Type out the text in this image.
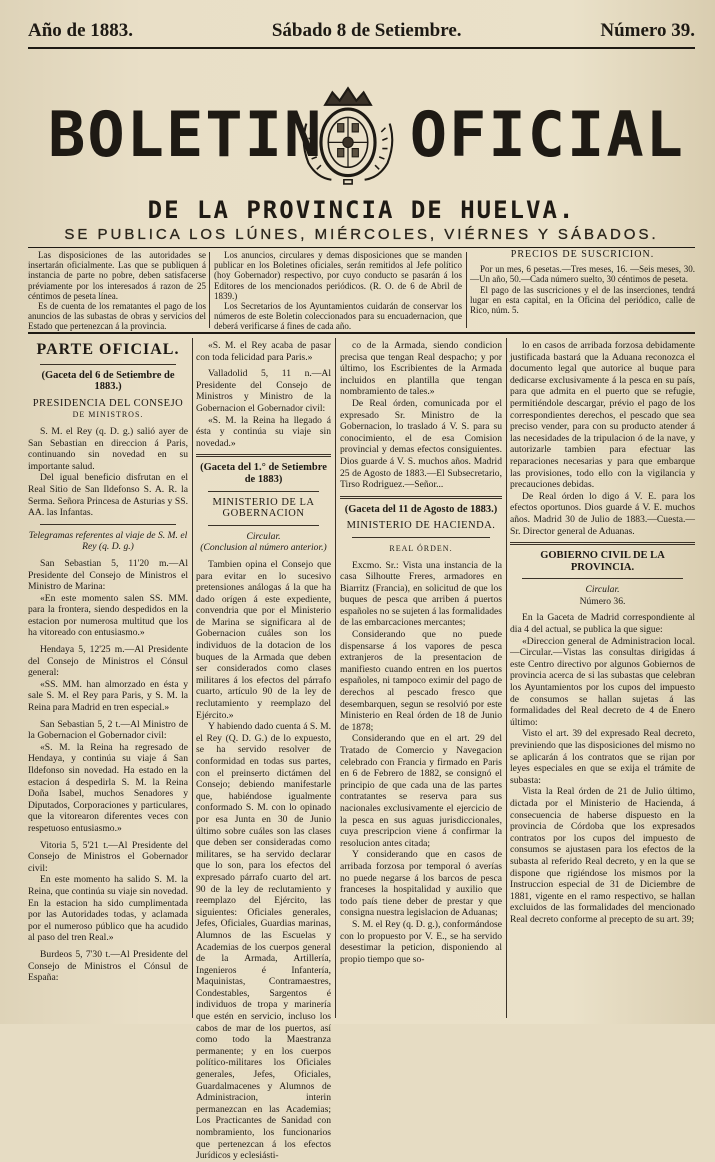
Año de 1883.	Sábado 8 de Setiembre.	Número 39.
BOLETIN OFICIAL
DE LA PROVINCIA DE HUELVA.
SE PUBLICA LOS LÚNES, MIÉRCOLES, VIÉRNES Y SÁBADOS.

Las disposiciones de las autoridades se insertarán oficialmente. Las que se publiquen á instancia de parte no pobre, deben satisfacerse préviamente por los interesados á razon de 25 céntimos de peseta línea.

Es de cuenta de los rematantes el pago de los anuncios de las subastas de obras y servicios del Estado que pertenezcan á la provincia.

Los anuncios, circulares y demas disposiciones que se manden publicar en los Boletines oficiales, serán remitidos al Jefe político (hoy Gobernador) respectivo, por cuyo conducto se pasarán á los Editores de los mencionados periódicos. (R. O. de 6 de Abril de 1839.)

Los Secretarios de los Ayuntamientos cuidarán de conservar los números de este Boletin coleccionados para su encuadernacion, que deberá verificarse á fines de cada año.

PRECIOS DE SUSCRICION.

Por un mes, 6 pesetas.—Tres meses, 16. —Seis meses, 30.—Un año, 50.—Cada número suelto, 30 céntimos de peseta.

El pago de las suscriciones y el de las inserciones, tendrá lugar en esta capital, en la Oficina del periódico, calle de Rico, núm. 5.

PARTE OFICIAL.

(Gaceta del 6 de Setiembre de 1883.)

PRESIDENCIA DEL CONSEJO

DE MINISTROS.

S. M. el Rey (q. D. g.) salió ayer de San Sebastian en direccion á Paris, continuando sin novedad en su importante salud.

Del igual beneficio disfrutan en el Real Sitio de San Ildefonso S. A. R. la Serma. Señora Princesa de Asturias y SS. AA. las Infantas.

Telegramas referentes al viaje de S. M. el Rey (q. D. g.)

San Sebastian 5, 11'20 m.—Al Presidente del Consejo de Ministros el Ministro de Marina:

«En este momento salen SS. MM. para la frontera, siendo despedidos en la estacion por numerosa multitud que los ha vitoreado con entusiasmo.»

Hendaya 5, 12'25 m.—Al Presidente del Consejo de Ministros el Cónsul general:

«SS. MM. han almorzado en ésta y sale S. M. el Rey para Paris, y S. M. la Reina para Madrid en tren especial.»

San Sebastian 5, 2 t.—Al Ministro de la Gobernacion el Gobernador civil:

«S. M. la Reina ha regresado de Hendaya, y continúa su viaje á San Ildefonso sin novedad. Ha estado en la estacion á despedirla S. M. la Reina Doña Isabel, muchos Senadores y Diputados, Corporaciones y particulares, que la vitorearon diferentes veces con respetuoso entusiasmo.»

Vitoria 5, 5'21 t.—Al Presidente del Consejo de Ministros el Gobernador civil:

En este momento ha salido S. M. la Reina, que continúa su viaje sin novedad. En la estacion ha sido cumplimentada por las Autoridades todas, y aclamada por el numeroso público que ha acudido al paso del tren Real.»

Burdeos 5, 7'30 t.—Al Presidente del Consejo de Ministros el Cónsul de España:

«S. M. el Rey acaba de pasar con toda felicidad para Paris.»

Valladolid 5, 11 n.—Al Presidente del Consejo de Ministros y Ministro de la Gobernacion el Gobernador civil:

«S. M. la Reina ha llegado á ésta y continúa su viaje sin novedad.»

(Gaceta del 1.° de Setiembre de 1883)

MINISTERIO DE LA GOBERNACION

Circular.

(Conclusion al número anterior.)

Tambien opina el Consejo que para evitar en lo sucesivo pretensiones análogas á la que ha dado orígen á este expediente, convendria que por el Ministerio de Marina se significara al de Gobernacion cuáles son los individuos de la dotacion de los buques de la Armada que deben ser considerados como clases militares á los efectos del párrafo cuarto, artículo 90 de la ley de reclutamiento y reemplazo del Ejército.»

Y habiendo dado cuenta á S. M. el Rey (Q. D. G.) de lo expuesto, se ha servido resolver de conformidad en todas sus partes, con el preinserto dictámen del Consejo; debiendo manifestarle que, habiéndose igualmente conformado S. M. con lo opinado por esa Junta en 30 de Junio último sobre cuáles son las clases que deben ser consideradas como militares, se ha servido declarar que lo son, para los efectos del expresado párrafo cuarto del art. 90 de la ley de reclutamiento y reemplazo del Ejército, las siguientes: Oficiales generales, Jefes, Oficiales, Guardias marinas, Alumnos de las Escuelas y Academias de los cuerpos general de la Armada, Artillería, Ingenieros é Infantería, Maquinistas, Contramaestres, Condestables, Sargentos é individuos de tropa y marinería que estén en servicio, incluso los cabos de mar de los puertos, así como todo la Maestranza permanente; y en los cuerpos político-militares los Oficiales generales, Jefes, Oficiales, Guardalmacenes y Alumnos de Administracion, interin permanezcan en las Academias; Los Practicantes de Sanidad con nombramiento, los funcionarios que pertenezcan á los efectos Jurídicos y eclesiásti-

co de la Armada, siendo condicion precisa que tengan Real despacho; y por último, los Escribientes de la Armada incluidos en plantilla que tengan nombramiento de tales.»

De Real órden, comunicada por el expresado Sr. Ministro de la Gobernacion, lo traslado á V. S. para su conocimiento, el de esa Comision provincial y demas efectos consiguientes. Dios guarde á V. S. muchos años. Madrid 25 de Agosto de 1883.—El Subsecretario, Tirso Rodriguez.—Señor...

(Gaceta del 11 de Agosto de 1883.)

MINISTERIO DE HACIENDA.

REAL ÓRDEN.

Excmo. Sr.: Vista una instancia de la casa Silhoutte Freres, armadores en Biarritz (Francia), en solicitud de que los buques de pesca que arriben á puertos españoles no se sujeten á las formalidades de las embarcaciones mercantes;

Considerando que no puede dispensarse á los vapores de pesca extranjeros de la presentacion de manifiesto cuando entren en los puertos españoles, ni tampoco eximir del pago de derechos al pescado fresco que desembarquen, segun se resolvió por este Ministerio en Real órden de 18 de Junio de 1878;

Considerando que en el art. 29 del Tratado de Comercio y Navegacion celebrado con Francia y firmado en Paris en 6 de Febrero de 1882, se consignó el principio de que cada una de las partes contratantes se reserva para sus nacionales exclusivamente el ejercicio de la pesca en sus aguas jurisdiccionales, cuya prescripcion viene á confirmar la resolucion antes citada;

Y considerando que en casos de arribada forzosa por temporal ó averías no puede negarse á los barcos de pesca franceses la hospitalidad y auxilio que todo país tiene deber de prestar y que consigna nuestra legislacion de Aduanas;

S. M. el Rey (q. D. g.), conformándose con lo propuesto por V. E., se ha servido desestimar la peticion, disponiendo al propio tiempo que so-

lo en casos de arribada forzosa debidamente justificada bastará que la Aduana reconozca el documento legal que autorice al buque para dedicarse exclusivamente á la pesca en su país, para que admita en el puerto que se refugie, permitiéndole descargar, prévio el pago de los correspondientes derechos, el pescado que sea preciso vender, para con su producto atender á las necesidades de la tripulacion ó de la nave, y autorizarle tambien para efectuar las reparaciones necesarias y para que embarque las provisiones, todo ello con la vigilancia y precauciones debidas.

De Real órden lo digo á V. E. para los efectos oportunos. Dios guarde á V. E. muchos años. Madrid 30 de Julio de 1883.—Cuesta.—Sr. Director general de Aduanas.

GOBIERNO CIVIL DE LA PROVINCIA.

Circular.

Número 36.

En la Gaceta de Madrid correspondiente al dia 4 del actual, se publica la que sigue:

«Direccion general de Administracion local.—Circular.—Vistas las consultas dirigidas á este Centro directivo por algunos Gobiernos de provincia acerca de si las subastas que celebran los Ayuntamientos por los cupos del impuesto de consumos se hallan sujetas á las formalidades del Real decreto de 4 de Enero último:

Visto el art. 39 del expresado Real decreto, previniendo que las disposiciones del mismo no se aplicarán á los contratos que se rijan por leyes especiales en que se exija el trámite de subasta:

Vista la Real órden de 21 de Julio último, dictada por el Ministerio de Hacienda, á consecuencia de haberse dispuesto en la provincia de Córdoba que los expresados contratos por los cupos del impuesto de consumos se ajustasen para los efectos de la subasta al referido Real decreto, y en la que se dispone que rigiéndose los mismos por la Instruccion especial de 31 de Diciembre de 1881, vigente en el ramo respectivo, se hallan excluidos de las formalidades del mencionado Real decreto conforme al precepto de su art. 39;
